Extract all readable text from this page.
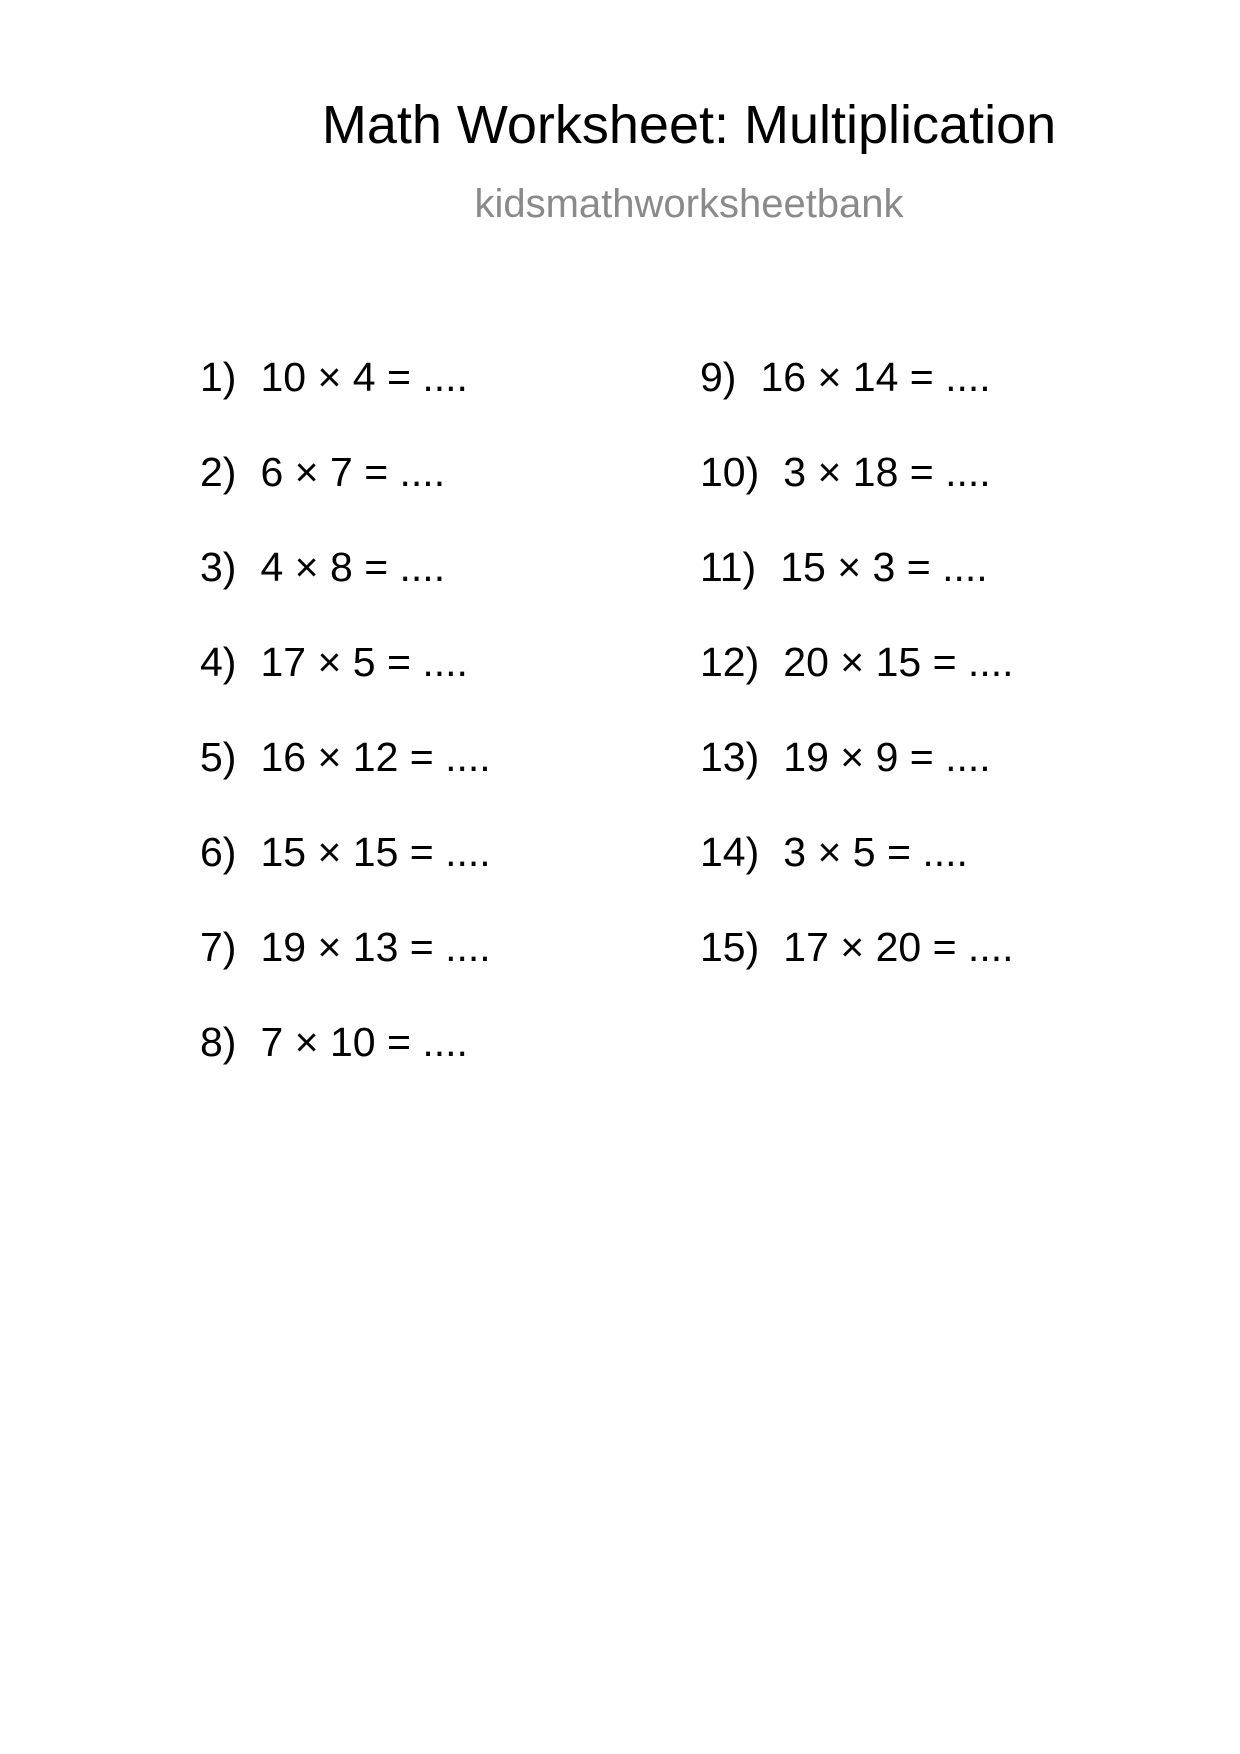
Math Worksheet: Multiplication
kidsmathworksheetbank
1) 10 × 4 = ....
2) 6 × 7 = ....
3) 4 × 8 = ....
4) 17 × 5 = ....
5) 16 × 12 = ....
6) 15 × 15 = ....
7) 19 × 13 = ....
8) 7 × 10 = ....
9) 16 × 14 = ....
10) 3 × 18 = ....
11) 15 × 3 = ....
12) 20 × 15 = ....
13) 19 × 9 = ....
14) 3 × 5 = ....
15) 17 × 20 = ....
